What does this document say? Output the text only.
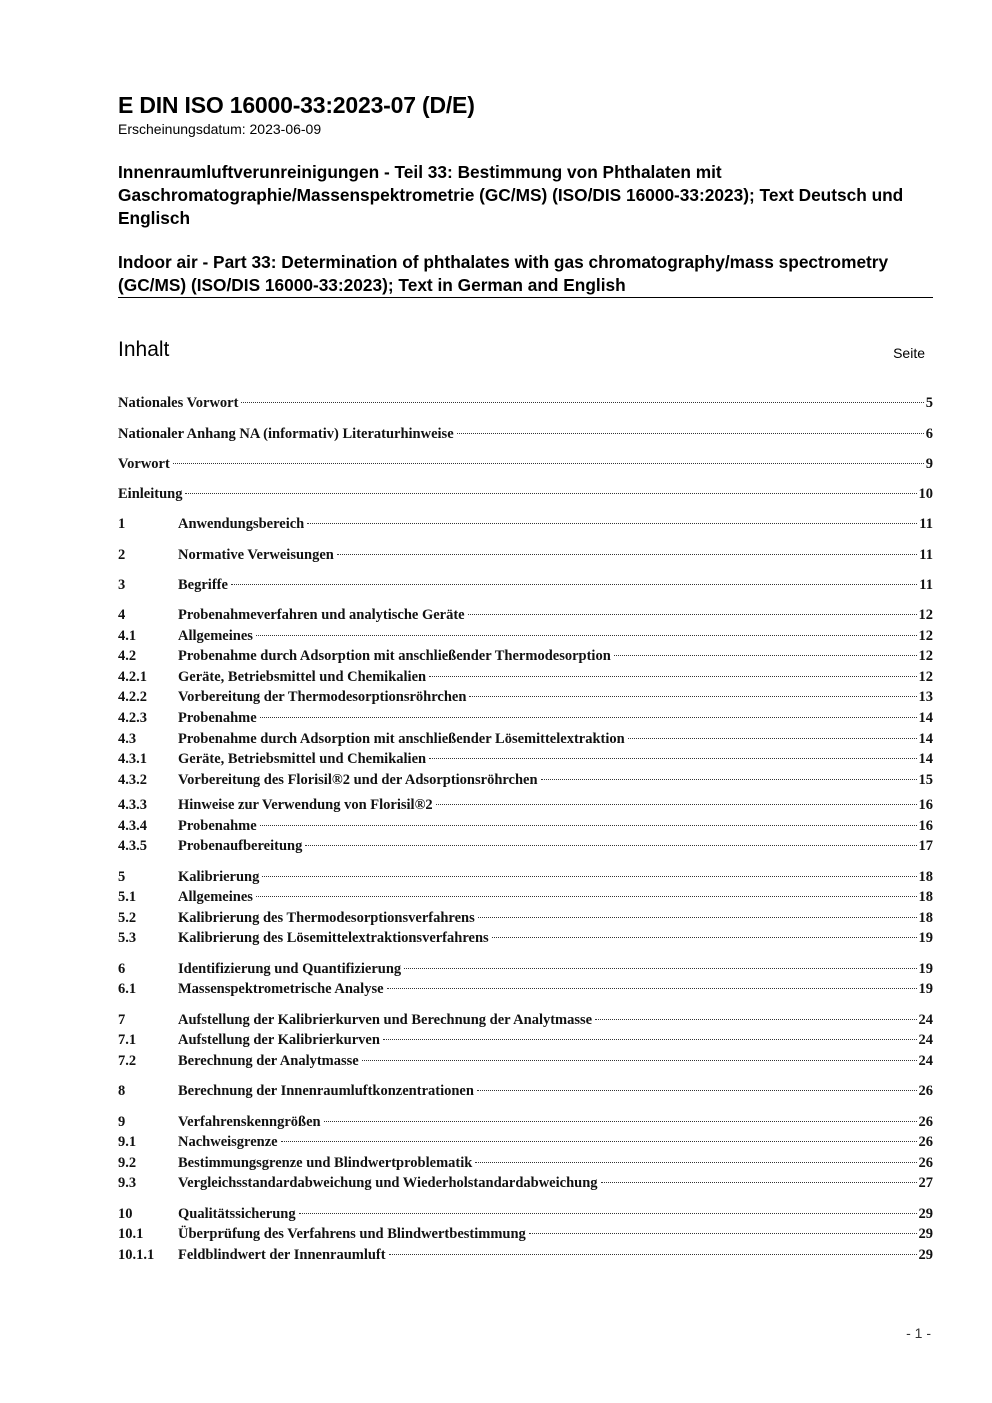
E DIN ISO 16000-33:2023-07 (D/E)
Erscheinungsdatum: 2023-06-09
Innenraumluftverunreinigungen - Teil 33: Bestimmung von Phthalaten mit Gaschromatographie/Massenspektrometrie (GC/MS) (ISO/DIS 16000-33:2023); Text Deutsch und Englisch
Indoor air - Part 33: Determination of phthalates with gas chromatography/mass spectrometry (GC/MS) (ISO/DIS 16000-33:2023); Text in German and English
Inhalt	Seite
Nationales Vorwort	5
Nationaler Anhang NA (informativ) Literaturhinweise	6
Vorwort	9
Einleitung	10
1	Anwendungsbereich	11
2	Normative Verweisungen	11
3	Begriffe	11
4	Probenahmeverfahren und analytische Geräte	12
4.1	Allgemeines	12
4.2	Probenahme durch Adsorption mit anschließender Thermodesorption	12
4.2.1	Geräte, Betriebsmittel und Chemikalien	12
4.2.2	Vorbereitung der Thermodesorptionsröhrchen	13
4.2.3	Probenahme	14
4.3	Probenahme durch Adsorption mit anschließender Lösemittelextraktion	14
4.3.1	Geräte, Betriebsmittel und Chemikalien	14
4.3.2	Vorbereitung des Florisil®2 und der Adsorptionsröhrchen	15
4.3.3	Hinweise zur Verwendung von Florisil®2	16
4.3.4	Probenahme	16
4.3.5	Probenaufbereitung	17
5	Kalibrierung	18
5.1	Allgemeines	18
5.2	Kalibrierung des Thermodesorptionsverfahrens	18
5.3	Kalibrierung des Lösemittelextraktionsverfahrens	19
6	Identifizierung und Quantifizierung	19
6.1	Massenspektrometrische Analyse	19
7	Aufstellung der Kalibrierkurven und Berechnung der Analytmasse	24
7.1	Aufstellung der Kalibrierkurven	24
7.2	Berechnung der Analytmasse	24
8	Berechnung der Innenraumluftkonzentrationen	26
9	Verfahrenskenngrößen	26
9.1	Nachweisgrenze	26
9.2	Bestimmungsgrenze und Blindwertproblematik	26
9.3	Vergleichsstandardabweichung und Wiederholstandardabweichung	27
10	Qualitätssicherung	29
10.1	Überprüfung des Verfahrens und Blindwertbestimmung	29
10.1.1	Feldblindwert der Innenraumluft	29
- 1 -
